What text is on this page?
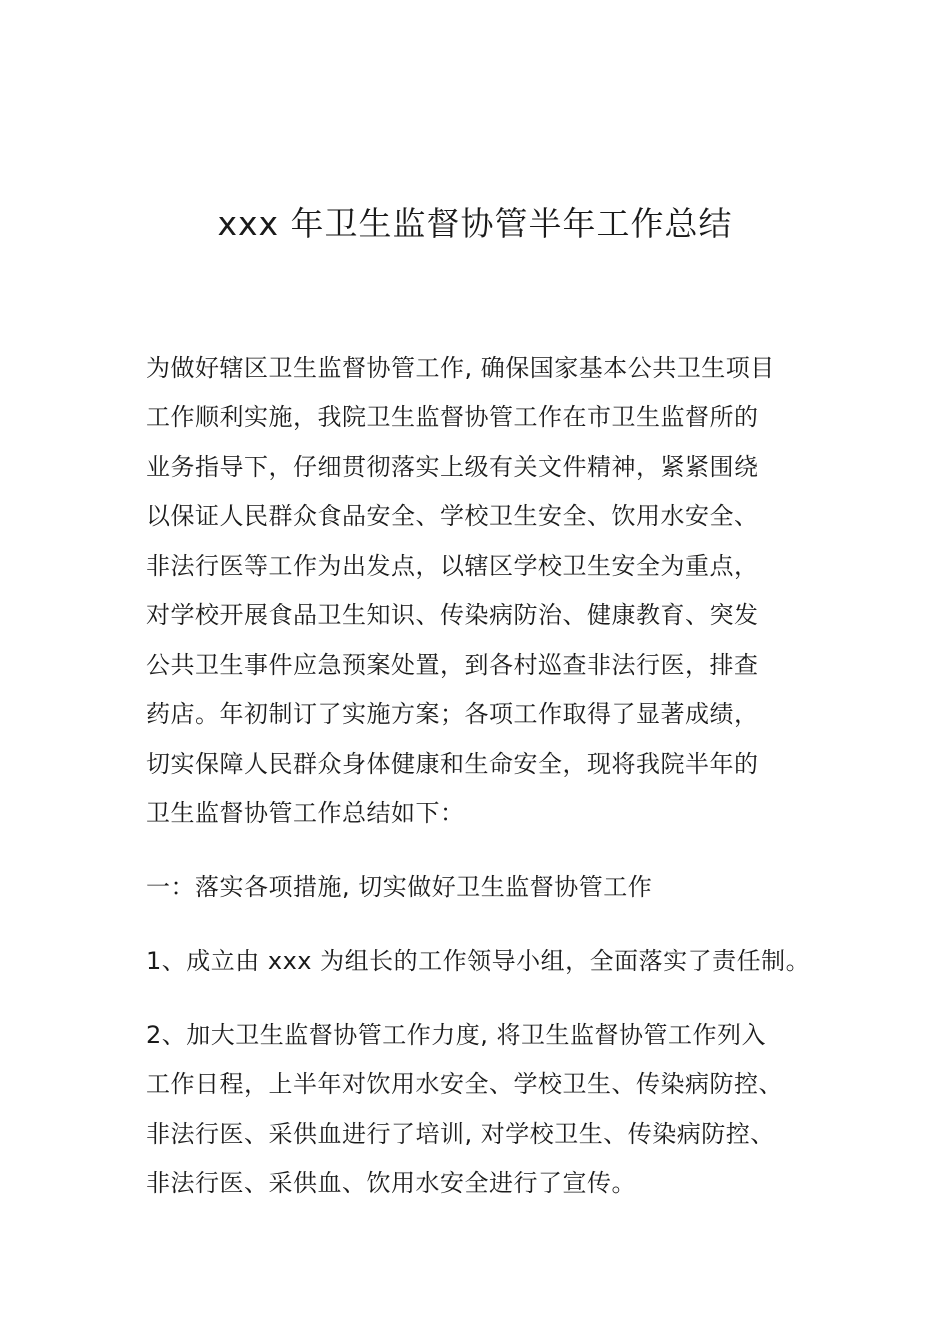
xxx 年卫生监督协管半年工作总结
为做好辖区卫生监督协管工作, 确保国家基本公共卫生项目
工作顺利实施，我院卫生监督协管工作在市卫生监督所的
业务指导下，仔细贯彻落实上级有关文件精神，紧紧围绕
以保证人民群众食品安全、学校卫生安全、饮用水安全、
非法行医等工作为出发点，以辖区学校卫生安全为重点，
对学校开展食品卫生知识、传染病防治、健康教育、突发
公共卫生事件应急预案处置，到各村巡查非法行医，排查
药店。年初制订了实施方案；各项工作取得了显著成绩，
切实保障人民群众身体健康和生命安全，现将我院半年的
卫生监督协管工作总结如下：
一：落实各项措施, 切实做好卫生监督协管工作
1、成立由 xxx 为组长的工作领导小组，全面落实了责任制。
2、加大卫生监督协管工作力度, 将卫生监督协管工作列入
工作日程，上半年对饮用水安全、学校卫生、传染病防控、
非法行医、采供血进行了培训, 对学校卫生、传染病防控、
非法行医、采供血、饮用水安全进行了宣传。
